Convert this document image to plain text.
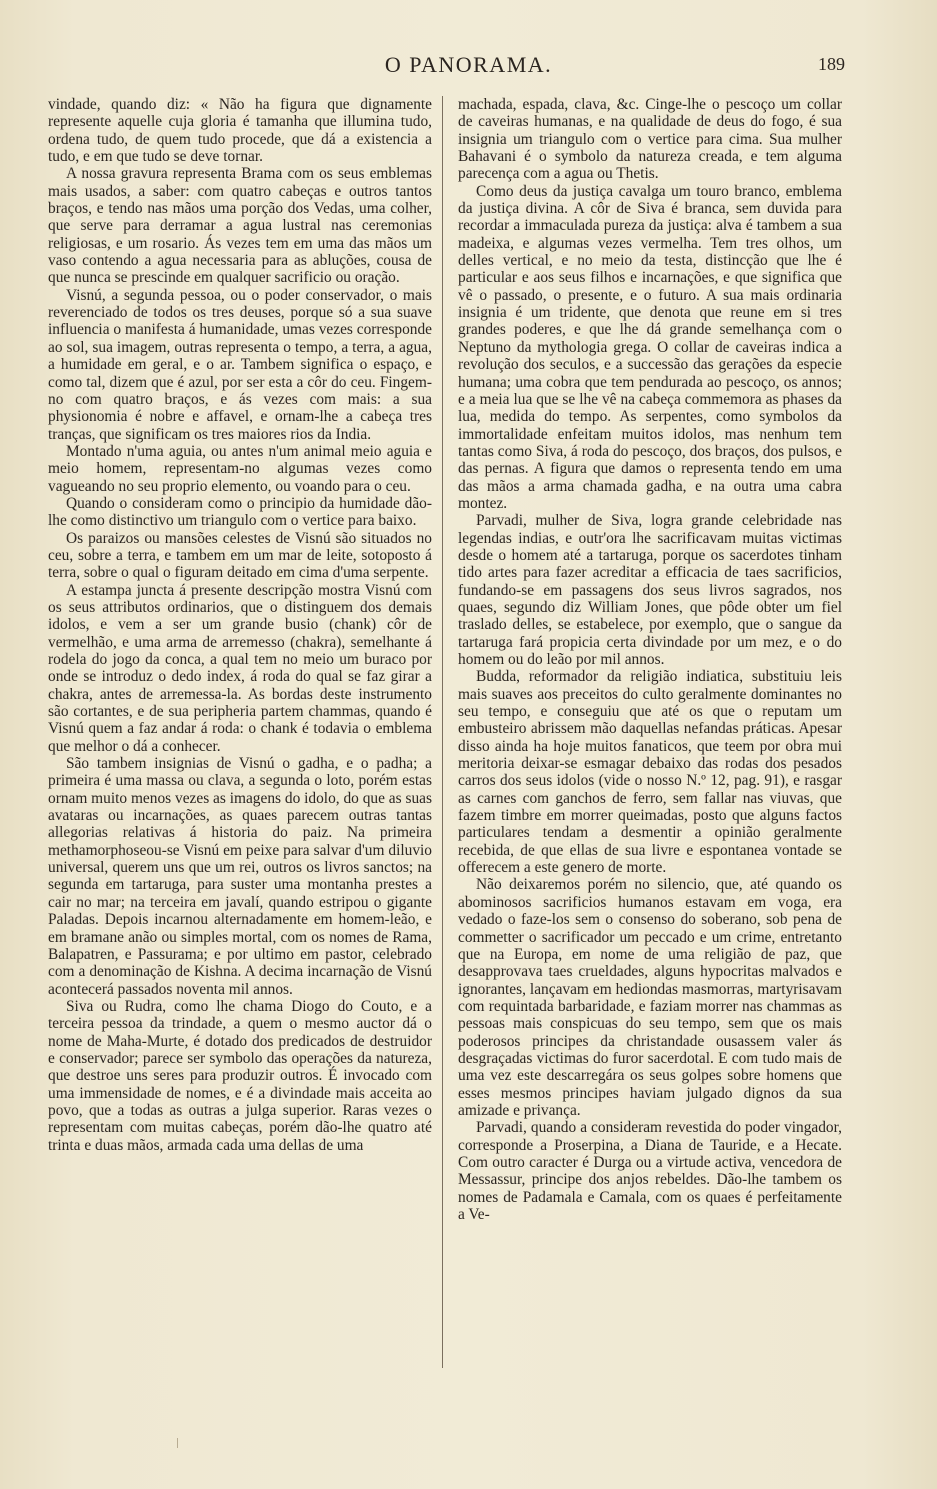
O PANORAMA.	189

vindade, quando diz: « Não ha figura que dignamente represente aquelle cuja gloria é tamanha que illumina tudo, ordena tudo, de quem tudo procede, que dá a existencia a tudo, e em que tudo se deve tornar.

A nossa gravura representa Brama com os seus emblemas mais usados, a saber: com quatro cabeças e outros tantos braços, e tendo nas mãos uma porção dos Vedas, uma colher, que serve para derramar a agua lustral nas ceremonias religiosas, e um rosario. Ás vezes tem em uma das mãos um vaso contendo a agua necessaria para as abluções, cousa de que nunca se prescinde em qualquer sacrificio ou oração.

Visnú, a segunda pessoa, ou o poder conservador, o mais reverenciado de todos os tres deuses, porque só a sua suave influencia o manifesta á humanidade, umas vezes corresponde ao sol, sua imagem, outras representa o tempo, a terra, a agua, a humidade em geral, e o ar. Tambem significa o espaço, e como tal, dizem que é azul, por ser esta a côr do ceu. Fingem-no com quatro braços, e ás vezes com mais: a sua physionomia é nobre e affavel, e ornam-lhe a cabeça tres tranças, que significam os tres maiores rios da India.

Montado n'uma aguia, ou antes n'um animal meio aguia e meio homem, representam-no algumas vezes como vagueando no seu proprio elemento, ou voando para o ceu.

Quando o consideram como o principio da humidade dão-lhe como distinctivo um triangulo com o vertice para baixo.

Os paraizos ou mansões celestes de Visnú são situados no ceu, sobre a terra, e tambem em um mar de leite, sotoposto á terra, sobre o qual o figuram deitado em cima d'uma serpente.

A estampa juncta á presente descripção mostra Visnú com os seus attributos ordinarios, que o distinguem dos demais idolos, e vem a ser um grande busio (chank) côr de vermelhão, e uma arma de arremesso (chakra), semelhante á rodela do jogo da conca, a qual tem no meio um buraco por onde se introduz o dedo index, á roda do qual se faz girar a chakra, antes de arremessa-la. As bordas deste instrumento são cortantes, e de sua peripheria partem chammas, quando é Visnú quem a faz andar á roda: o chank é todavia o emblema que melhor o dá a conhecer.

São tambem insignias de Visnú o gadha, e o padha; a primeira é uma massa ou clava, a segunda o loto, porém estas ornam muito menos vezes as imagens do idolo, do que as suas avataras ou incarnações, as quaes parecem outras tantas allegorias relativas á historia do paiz. Na primeira methamorphoseou-se Visnú em peixe para salvar d'um diluvio universal, querem uns que um rei, outros os livros sanctos; na segunda em tartaruga, para suster uma montanha prestes a cair no mar; na terceira em javalí, quando estripou o gigante Paladas. Depois incarnou alternadamente em homem-leão, e em bramane anão ou simples mortal, com os nomes de Rama, Balapatren, e Passurama; e por ultimo em pastor, celebrado com a denominação de Kishna. A decima incarnação de Visnú acontecerá passados noventa mil annos.

Siva ou Rudra, como lhe chama Diogo do Couto, e a terceira pessoa da trindade, a quem o mesmo auctor dá o nome de Maha-Murte, é dotado dos predicados de destruidor e conservador; parece ser symbolo das operações da natureza, que destroe uns seres para produzir outros. É invocado com uma immensidade de nomes, e é a divindade mais acceita ao povo, que a todas as outras a julga superior. Raras vezes o representam com muitas cabeças, porém dão-lhe quatro até trinta e duas mãos, armada cada uma dellas de uma

machada, espada, clava, &c. Cinge-lhe o pescoço um collar de caveiras humanas, e na qualidade de deus do fogo, é sua insignia um triangulo com o vertice para cima. Sua mulher Bahavani é o symbolo da natureza creada, e tem alguma parecença com a agua ou Thetis.

Como deus da justiça cavalga um touro branco, emblema da justiça divina. A côr de Siva é branca, sem duvida para recordar a immaculada pureza da justiça: alva é tambem a sua madeixa, e algumas vezes vermelha. Tem tres olhos, um delles vertical, e no meio da testa, distincção que lhe é particular e aos seus filhos e incarnações, e que significa que vê o passado, o presente, e o futuro. A sua mais ordinaria insignia é um tridente, que denota que reune em si tres grandes poderes, e que lhe dá grande semelhança com o Neptuno da mythologia grega. O collar de caveiras indica a revolução dos seculos, e a successão das gerações da especie humana; uma cobra que tem pendurada ao pescoço, os annos; e a meia lua que se lhe vê na cabeça commemora as phases da lua, medida do tempo. As serpentes, como symbolos da immortalidade enfeitam muitos idolos, mas nenhum tem tantas como Siva, á roda do pescoço, dos braços, dos pulsos, e das pernas. A figura que damos o representa tendo em uma das mãos a arma chamada gadha, e na outra uma cabra montez.

Parvadi, mulher de Siva, logra grande celebridade nas legendas indias, e outr'ora lhe sacrificavam muitas victimas desde o homem até a tartaruga, porque os sacerdotes tinham tido artes para fazer acreditar a efficacia de taes sacrificios, fundando-se em passagens dos seus livros sagrados, nos quaes, segundo diz William Jones, que pôde obter um fiel traslado delles, se estabelece, por exemplo, que o sangue da tartaruga fará propicia certa divindade por um mez, e o do homem ou do leão por mil annos.

Budda, reformador da religião indiatica, substituiu leis mais suaves aos preceitos do culto geralmente dominantes no seu tempo, e conseguiu que até os que o reputam um embusteiro abrissem mão daquellas nefandas práticas. Apesar disso ainda ha hoje muitos fanaticos, que teem por obra mui meritoria deixar-se esmagar debaixo das rodas dos pesados carros dos seus idolos (vide o nosso N.º 12, pag. 91), e rasgar as carnes com ganchos de ferro, sem fallar nas viuvas, que fazem timbre em morrer queimadas, posto que alguns factos particulares tendam a desmentir a opinião geralmente recebida, de que ellas de sua livre e espontanea vontade se offerecem a este genero de morte.

Não deixaremos porém no silencio, que, até quando os abominosos sacrificios humanos estavam em voga, era vedado o faze-los sem o consenso do soberano, sob pena de commetter o sacrificador um peccado e um crime, entretanto que na Europa, em nome de uma religião de paz, que desapprovava taes crueldades, alguns hypocritas malvados e ignorantes, lançavam em hediondas masmorras, martyrisavam com requintada barbaridade, e faziam morrer nas chammas as pessoas mais conspicuas do seu tempo, sem que os mais poderosos principes da christandade ousassem valer ás desgraçadas victimas do furor sacerdotal. E com tudo mais de uma vez este descarregára os seus golpes sobre homens que esses mesmos principes haviam julgado dignos da sua amizade e privança.

Parvadi, quando a consideram revestida do poder vingador, corresponde a Proserpina, a Diana de Tauride, e a Hecate. Com outro caracter é Durga ou a virtude activa, vencedora de Messassur, principe dos anjos rebeldes. Dão-lhe tambem os nomes de Padamala e Camala, com os quaes é perfeitamente a Ve-
